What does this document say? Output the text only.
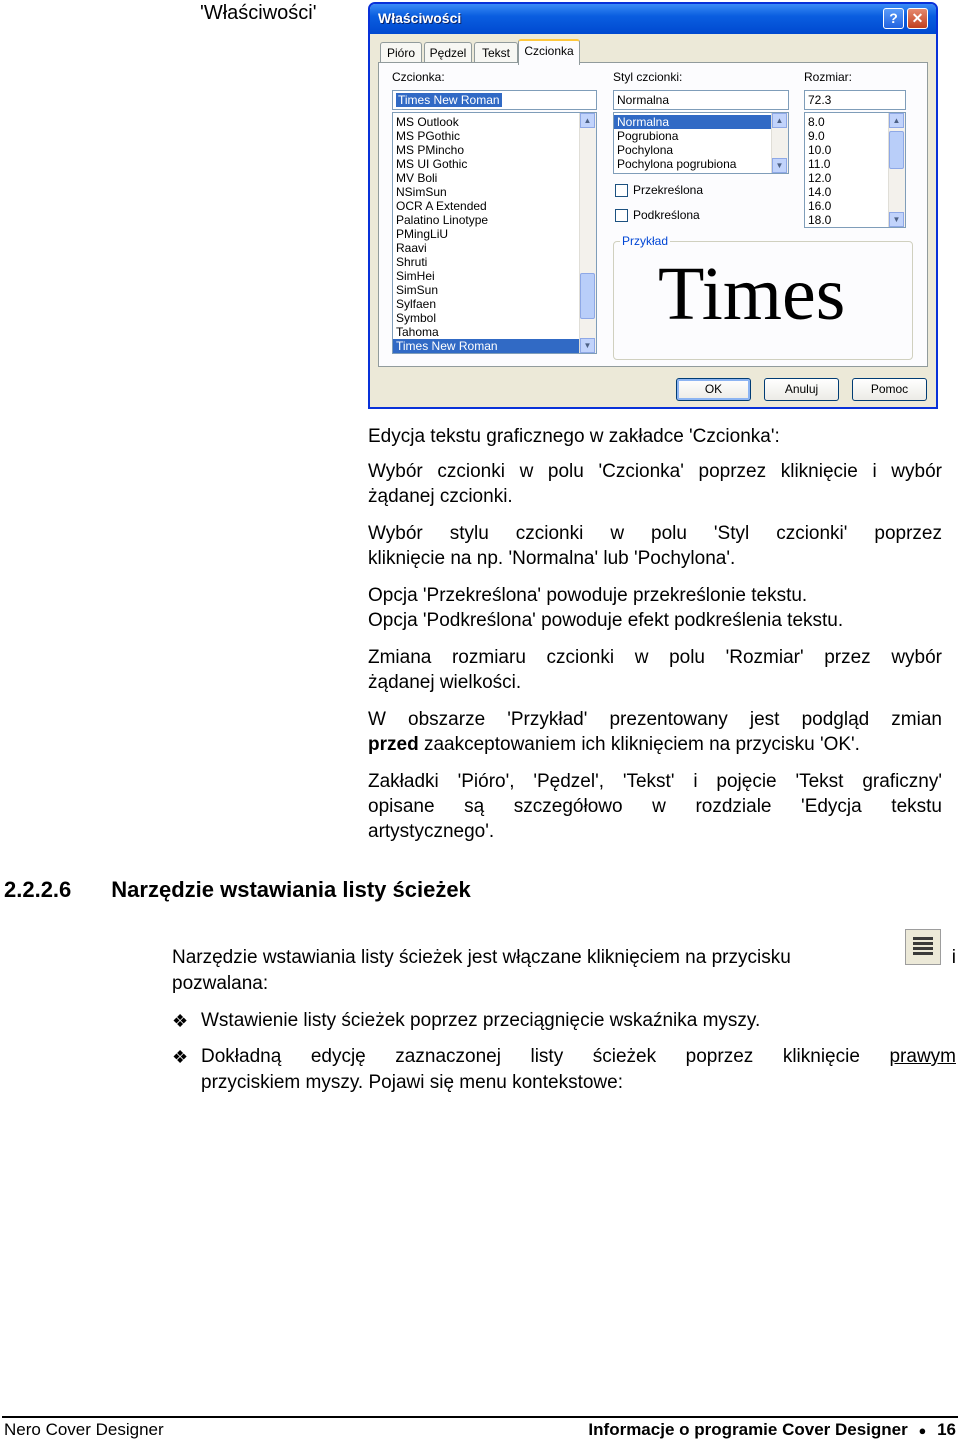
'Właściwości'	Właściwości	? ✕
Pióro	Pędzel	Tekst	Czcionka
Czcionka:
Times New Roman
MS Outlook
MS PGothic
MS PMincho
MS UI Gothic
MV Boli
NSimSun
OCR A Extended
Palatino Linotype
PMingLiU
Raavi
Shruti
SimHei
SimSun
Sylfaen
Symbol
Tahoma
Times New Roman
▲
▼
Styl czcionki:
Normalna
Normalna
Pogrubiona
Pochylona
Pochylona pogrubiona
▲
▼
Przekreślona
Podkreślona
Rozmiar:
72.3
8.0
9.0
10.0
11.0
12.0
14.0
16.0
18.0
▲
▼
Przykład
Times
OK	Anuluj	Pomoc
Edycja tekstu graficznego w zakładce 'Czcionka':
Wybór czcionki w polu 'Czcionka' poprzez kliknięcie i wybór
żądanej czcionki.
Wybór stylu czcionki w polu 'Styl czcionki' poprzez
kliknięcie na np. 'Normalna' lub 'Pochylona'.
Opcja 'Przekreślona' powoduje przekreślonie tekstu.
Opcja 'Podkreślona' powoduje efekt podkreślenia tekstu.
Zmiana rozmiaru czcionki w polu 'Rozmiar' przez wybór
żądanej wielkości.
W obszarze 'Przykład' prezentowany jest podgląd zmian
przed zaakceptowaniem ich kliknięciem na przycisku 'OK'.
Zakładki 'Pióro', 'Pędzel', 'Tekst' i pojęcie 'Tekst graficzny'
opisane są szczegółowo w rozdziale 'Edycja tekstu
artystycznego'.
2.2.2.6 Narzędzie wstawiania listy ścieżek
Narzędzie wstawiania listy ścieżek jest włączane kliknięciem na przycisku	i
pozwalana:
❖ Wstawienie listy ścieżek poprzez przeciągnięcie wskaźnika myszy.
❖ Dokładną edycję zaznaczonej listy ścieżek poprzez kliknięcie prawym
przyciskiem myszy. Pojawi się menu kontekstowe:
Nero Cover Designer	Informacje o programie Cover Designer ● 16
